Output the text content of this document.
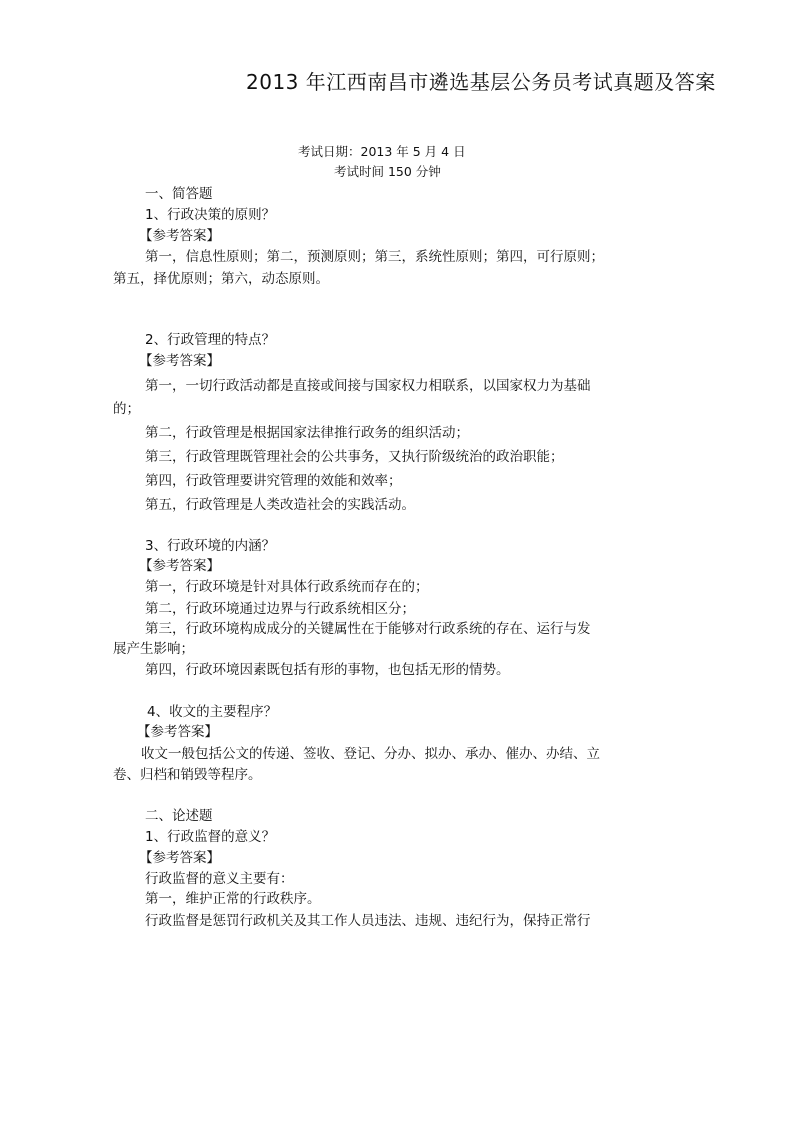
2013 年江西南昌市遴选基层公务员考试真题及答案
考试日期：2013 年 5 月 4 日
考试时间 150 分钟
一、简答题
1、行政决策的原则？
【参考答案】
第一，信息性原则；第二，预测原则；第三，系统性原则；第四，可行原则；
第五，择优原则；第六，动态原则。
2、行政管理的特点？
【参考答案】
第一，一切行政活动都是直接或间接与国家权力相联系，以国家权力为基础
的；
第二，行政管理是根据国家法律推行政务的组织活动；
第三，行政管理既管理社会的公共事务，又执行阶级统治的政治职能；
第四，行政管理要讲究管理的效能和效率；
第五，行政管理是人类改造社会的实践活动。
3、行政环境的内涵？
【参考答案】
第一，行政环境是针对具体行政系统而存在的；
第二，行政环境通过边界与行政系统相区分；
第三，行政环境构成成分的关键属性在于能够对行政系统的存在、运行与发
展产生影响；
第四，行政环境因素既包括有形的事物，也包括无形的情势。
4、收文的主要程序？
【参考答案】
收文一般包括公文的传递、签收、登记、分办、拟办、承办、催办、办结、立
卷、归档和销毁等程序。
二、论述题
1、行政监督的意义？
【参考答案】
行政监督的意义主要有：
第一，维护正常的行政秩序。
行政监督是惩罚行政机关及其工作人员违法、违规、违纪行为，保持正常行
